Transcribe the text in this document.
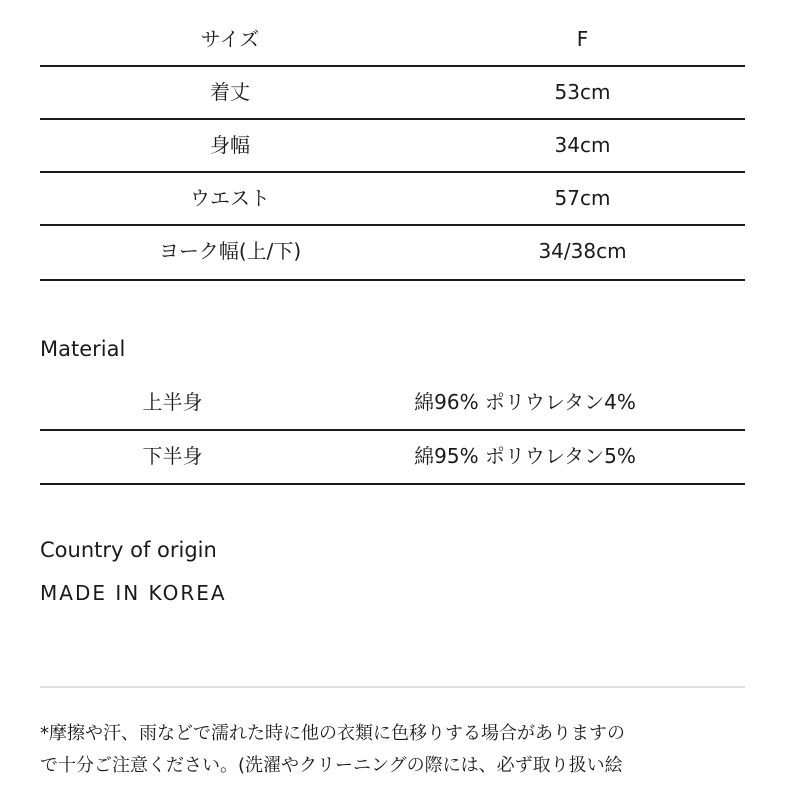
サイズ	F
着丈	53cm
身幅	34cm
ウエスト	57cm
ヨーク幅(上/下)	34/38cm
Material
上半身	綿96% ポリウレタン4%
下半身	綿95% ポリウレタン5%
Country of origin
MADE IN KOREA
*摩擦や汗、雨などで濡れた時に他の衣類に色移りする場合がありますの
で十分ご注意ください。(洗濯やクリーニングの際には、必ず取り扱い絵
